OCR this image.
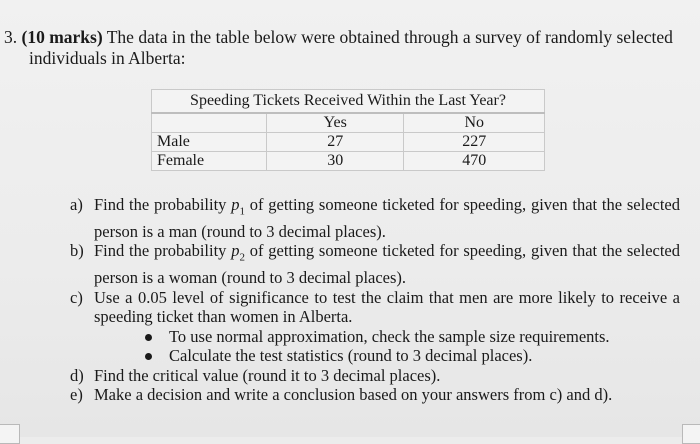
3. (10 marks) The data in the table below were obtained through a survey of randomly selected
individuals in Alberta:
Speeding Tickets Received Within the Last Year?		
	Yes	No
Male	27	227
Female	30	470
a) Find the probability $p_1$ of getting someone ticketed for speeding, given that the selected person is a man (round to 3 decimal places).
b) Find the probability $p_2$ of getting someone ticketed for speeding, given that the selected person is a woman (round to 3 decimal places).
c) Use a 0.05 level of significance to test the claim that men are more likely to receive a speeding ticket than women in Alberta.
To use normal approximation, check the sample size requirements.
Calculate the test statistics (round to 3 decimal places).
d) Find the critical value (round it to 3 decimal places).
e) Make a decision and write a conclusion based on your answers from c) and d).
